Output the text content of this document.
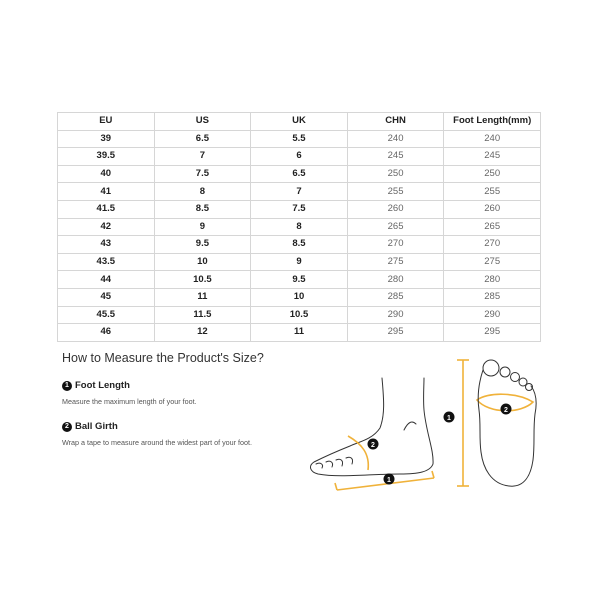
EU	US	UK	CHN	Foot Length(mm)
39	6.5	5.5	240	240
39.5	7	6	245	245
40	7.5	6.5	250	250
41	8	7	255	255
41.5	8.5	7.5	260	260
42	9	8	265	265
43	9.5	8.5	270	270
43.5	10	9	275	275
44	10.5	9.5	280	280
45	11	10	285	285
45.5	11.5	10.5	290	290
46	12	11	295	295
How to Measure the Product's Size?
1 Foot Length
Measure the maximum length of your foot.
2 Ball Girth
Wrap a tape to measure around the widest part of your foot.	2
1
1
2
